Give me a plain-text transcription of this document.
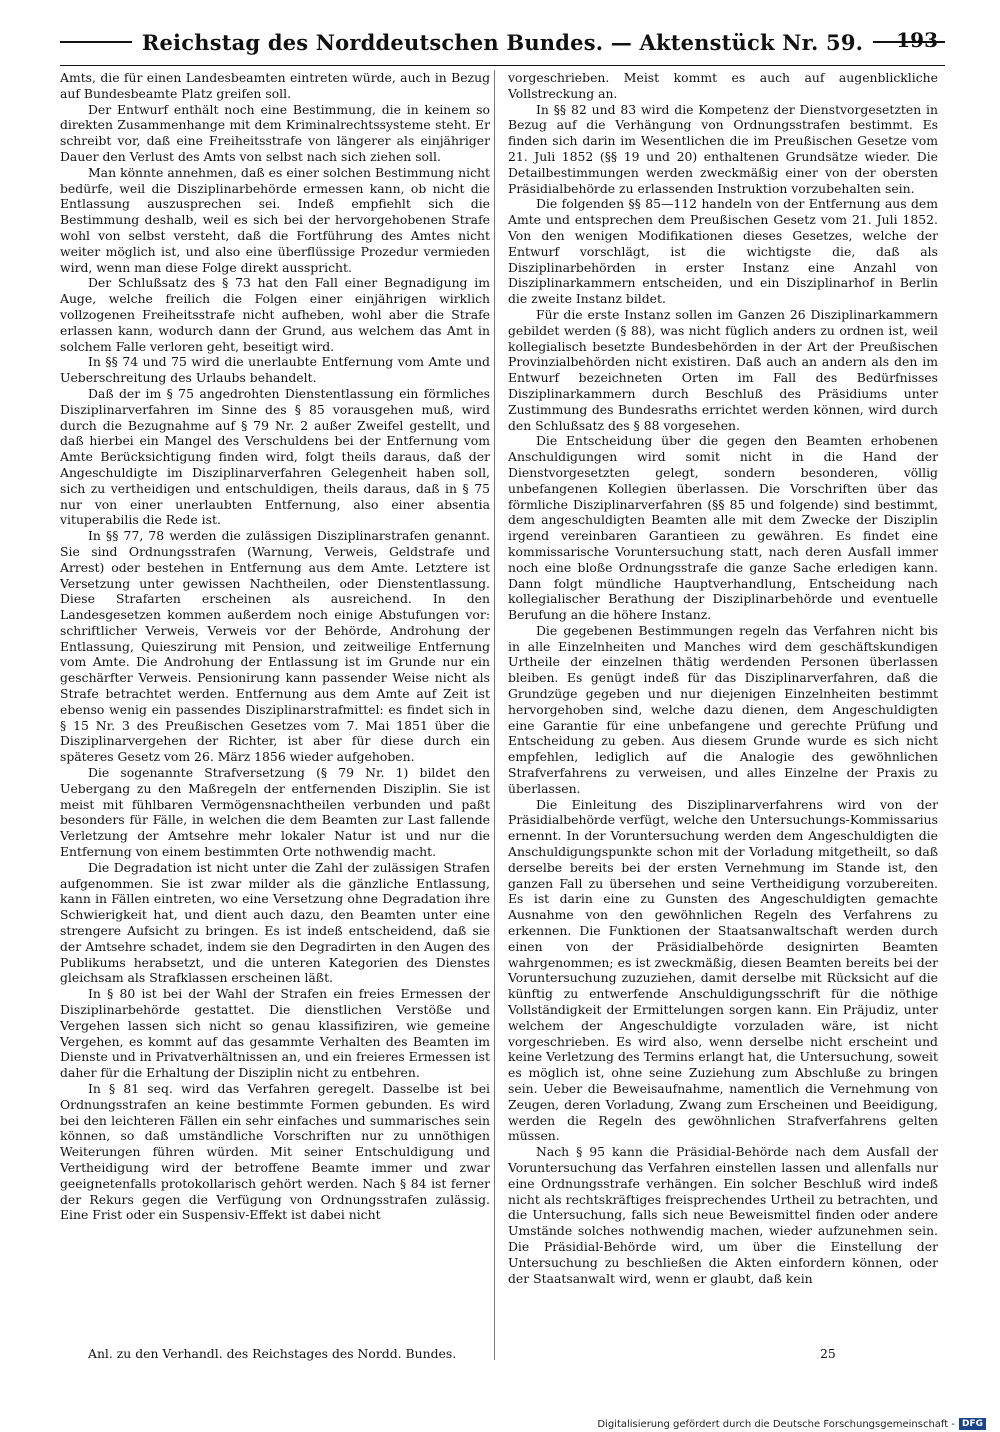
Reichstag des Norddeutschen Bundes. — Aktenstück Nr. 59.	193

Amts, die für einen Landesbeamten eintreten würde, auch in Bezug auf Bundesbeamte Platz greifen soll.

Der Entwurf enthält noch eine Bestimmung, die in keinem so direkten Zusammenhange mit dem Kriminalrechtssysteme steht. Er schreibt vor, daß eine Freiheitsstrafe von längerer als einjähriger Dauer den Verlust des Amts von selbst nach sich ziehen soll.

Man könnte annehmen, daß es einer solchen Bestimmung nicht bedürfe, weil die Disziplinarbehörde ermessen kann, ob nicht die Entlassung auszusprechen sei. Indeß empfiehlt sich die Bestimmung deshalb, weil es sich bei der hervorgehobenen Strafe wohl von selbst versteht, daß die Fortführung des Amtes nicht weiter möglich ist, und also eine überflüssige Prozedur vermieden wird, wenn man diese Folge direkt ausspricht.

Der Schlußsatz des § 73 hat den Fall einer Begnadigung im Auge, welche freilich die Folgen einer einjährigen wirklich vollzogenen Freiheitsstrafe nicht aufheben, wohl aber die Strafe erlassen kann, wodurch dann der Grund, aus welchem das Amt in solchem Falle verloren geht, beseitigt wird.

In §§ 74 und 75 wird die unerlaubte Entfernung vom Amte und Ueberschreitung des Urlaubs behandelt.

Daß der im § 75 angedrohten Dienstentlassung ein förmliches Disziplinarverfahren im Sinne des § 85 vorausgehen muß, wird durch die Bezugnahme auf § 79 Nr. 2 außer Zweifel gestellt, und daß hierbei ein Mangel des Verschuldens bei der Entfernung vom Amte Berücksichtigung finden wird, folgt theils daraus, daß der Angeschuldigte im Disziplinarverfahren Gelegenheit haben soll, sich zu vertheidigen und entschuldigen, theils daraus, daß in § 75 nur von einer unerlaubten Entfernung, also einer absentia vituperabilis die Rede ist.

In §§ 77, 78 werden die zulässigen Disziplinarstrafen genannt. Sie sind Ordnungsstrafen (Warnung, Verweis, Geldstrafe und Arrest) oder bestehen in Entfernung aus dem Amte. Letztere ist Versetzung unter gewissen Nachtheilen, oder Dienstentlassung. Diese Strafarten erscheinen als ausreichend. In den Landesgesetzen kommen außerdem noch einige Abstufungen vor: schriftlicher Verweis, Verweis vor der Behörde, Androhung der Entlassung, Quieszirung mit Pension, und zeitweilige Entfernung vom Amte. Die Androhung der Entlassung ist im Grunde nur ein geschärfter Verweis. Pensionirung kann passender Weise nicht als Strafe betrachtet werden. Entfernung aus dem Amte auf Zeit ist ebenso wenig ein passendes Disziplinarstrafmittel: es findet sich in § 15 Nr. 3 des Preußischen Gesetzes vom 7. Mai 1851 über die Disziplinarvergehen der Richter, ist aber für diese durch ein späteres Gesetz vom 26. März 1856 wieder aufgehoben.

Die sogenannte Strafversetzung (§ 79 Nr. 1) bildet den Uebergang zu den Maßregeln der entfernenden Disziplin. Sie ist meist mit fühlbaren Vermögensnachtheilen verbunden und paßt besonders für Fälle, in welchen die dem Beamten zur Last fallende Verletzung der Amtsehre mehr lokaler Natur ist und nur die Entfernung von einem bestimmten Orte nothwendig macht.

Die Degradation ist nicht unter die Zahl der zulässigen Strafen aufgenommen. Sie ist zwar milder als die gänzliche Entlassung, kann in Fällen eintreten, wo eine Versetzung ohne Degradation ihre Schwierigkeit hat, und dient auch dazu, den Beamten unter eine strengere Aufsicht zu bringen. Es ist indeß entscheidend, daß sie der Amtsehre schadet, indem sie den Degradirten in den Augen des Publikums herabsetzt, und die unteren Kategorien des Dienstes gleichsam als Strafklassen erscheinen läßt.

In § 80 ist bei der Wahl der Strafen ein freies Ermessen der Disziplinarbehörde gestattet. Die dienstlichen Verstöße und Vergehen lassen sich nicht so genau klassifiziren, wie gemeine Vergehen, es kommt auf das gesammte Verhalten des Beamten im Dienste und in Privatverhältnissen an, und ein freieres Ermessen ist daher für die Erhaltung der Disziplin nicht zu entbehren.

In § 81 seq. wird das Verfahren geregelt. Dasselbe ist bei Ordnungsstrafen an keine bestimmte Formen gebunden. Es wird bei den leichteren Fällen ein sehr einfaches und summarisches sein können, so daß umständliche Vorschriften nur zu unnöthigen Weiterungen führen würden. Mit seiner Entschuldigung und Vertheidigung wird der betroffene Beamte immer und zwar geeignetenfalls protokollarisch gehört werden. Nach § 84 ist ferner der Rekurs gegen die Verfügung von Ordnungsstrafen zulässig. Eine Frist oder ein Suspensiv-Effekt ist dabei nicht

vorgeschrieben. Meist kommt es auch auf augenblickliche Vollstreckung an.

In §§ 82 und 83 wird die Kompetenz der Dienstvorgesetzten in Bezug auf die Verhängung von Ordnungsstrafen bestimmt. Es finden sich darin im Wesentlichen die im Preußischen Gesetze vom 21. Juli 1852 (§§ 19 und 20) enthaltenen Grundsätze wieder. Die Detailbestimmungen werden zweckmäßig einer von der obersten Präsidialbehörde zu erlassenden Instruktion vorzubehalten sein.

Die folgenden §§ 85—112 handeln von der Entfernung aus dem Amte und entsprechen dem Preußischen Gesetz vom 21. Juli 1852. Von den wenigen Modifikationen dieses Gesetzes, welche der Entwurf vorschlägt, ist die wichtigste die, daß als Disziplinarbehörden in erster Instanz eine Anzahl von Disziplinarkammern entscheiden, und ein Disziplinarhof in Berlin die zweite Instanz bildet.

Für die erste Instanz sollen im Ganzen 26 Disziplinarkammern gebildet werden (§ 88), was nicht füglich anders zu ordnen ist, weil kollegialisch besetzte Bundesbehörden in der Art der Preußischen Provinzialbehörden nicht existiren. Daß auch an andern als den im Entwurf bezeichneten Orten im Fall des Bedürfnisses Disziplinarkammern durch Beschluß des Präsidiums unter Zustimmung des Bundesraths errichtet werden können, wird durch den Schlußsatz des § 88 vorgesehen.

Die Entscheidung über die gegen den Beamten erhobenen Anschuldigungen wird somit nicht in die Hand der Dienstvorgesetzten gelegt, sondern besonderen, völlig unbefangenen Kollegien überlassen. Die Vorschriften über das förmliche Disziplinarverfahren (§§ 85 und folgende) sind bestimmt, dem angeschuldigten Beamten alle mit dem Zwecke der Disziplin irgend vereinbaren Garantieen zu gewähren. Es findet eine kommissarische Voruntersuchung statt, nach deren Ausfall immer noch eine bloße Ordnungsstrafe die ganze Sache erledigen kann. Dann folgt mündliche Hauptverhandlung, Entscheidung nach kollegialischer Berathung der Disziplinarbehörde und eventuelle Berufung an die höhere Instanz.

Die gegebenen Bestimmungen regeln das Verfahren nicht bis in alle Einzelnheiten und Manches wird dem geschäftskundigen Urtheile der einzelnen thätig werdenden Personen überlassen bleiben. Es genügt indeß für das Disziplinarverfahren, daß die Grundzüge gegeben und nur diejenigen Einzelnheiten bestimmt hervorgehoben sind, welche dazu dienen, dem Angeschuldigten eine Garantie für eine unbefangene und gerechte Prüfung und Entscheidung zu geben. Aus diesem Grunde wurde es sich nicht empfehlen, lediglich auf die Analogie des gewöhnlichen Strafverfahrens zu verweisen, und alles Einzelne der Praxis zu überlassen.

Die Einleitung des Disziplinarverfahrens wird von der Präsidialbehörde verfügt, welche den Untersuchungs-Kommissarius ernennt. In der Voruntersuchung werden dem Angeschuldigten die Anschuldigungspunkte schon mit der Vorladung mitgetheilt, so daß derselbe bereits bei der ersten Vernehmung im Stande ist, den ganzen Fall zu übersehen und seine Vertheidigung vorzubereiten. Es ist darin eine zu Gunsten des Angeschuldigten gemachte Ausnahme von den gewöhnlichen Regeln des Verfahrens zu erkennen. Die Funktionen der Staatsanwaltschaft werden durch einen von der Präsidialbehörde designirten Beamten wahrgenommen; es ist zweckmäßig, diesen Beamten bereits bei der Voruntersuchung zuzuziehen, damit derselbe mit Rücksicht auf die künftig zu entwerfende Anschuldigungsschrift für die nöthige Vollständigkeit der Ermittelungen sorgen kann. Ein Präjudiz, unter welchem der Angeschuldigte vorzuladen wäre, ist nicht vorgeschrieben. Es wird also, wenn derselbe nicht erscheint und keine Verletzung des Termins erlangt hat, die Untersuchung, soweit es möglich ist, ohne seine Zuziehung zum Abschluße zu bringen sein. Ueber die Beweisaufnahme, namentlich die Vernehmung von Zeugen, deren Vorladung, Zwang zum Erscheinen und Beeidigung, werden die Regeln des gewöhnlichen Strafverfahrens gelten müssen.

Nach § 95 kann die Präsidial-Behörde nach dem Ausfall der Voruntersuchung das Verfahren einstellen lassen und allenfalls nur eine Ordnungsstrafe verhängen. Ein solcher Beschluß wird indeß nicht als rechtskräftiges freisprechendes Urtheil zu betrachten, und die Untersuchung, falls sich neue Beweismittel finden oder andere Umstände solches nothwendig machen, wieder aufzunehmen sein. Die Präsidial-Behörde wird, um über die Einstellung der Untersuchung zu beschließen die Akten einfordern können, oder der Staatsanwalt wird, wenn er glaubt, daß kein

Anl. zu den Verhandl. des Reichstages des Nordd. Bundes.	25
Digitalisierung gefördert durch die Deutsche Forschungsgemeinschaft - DFG
